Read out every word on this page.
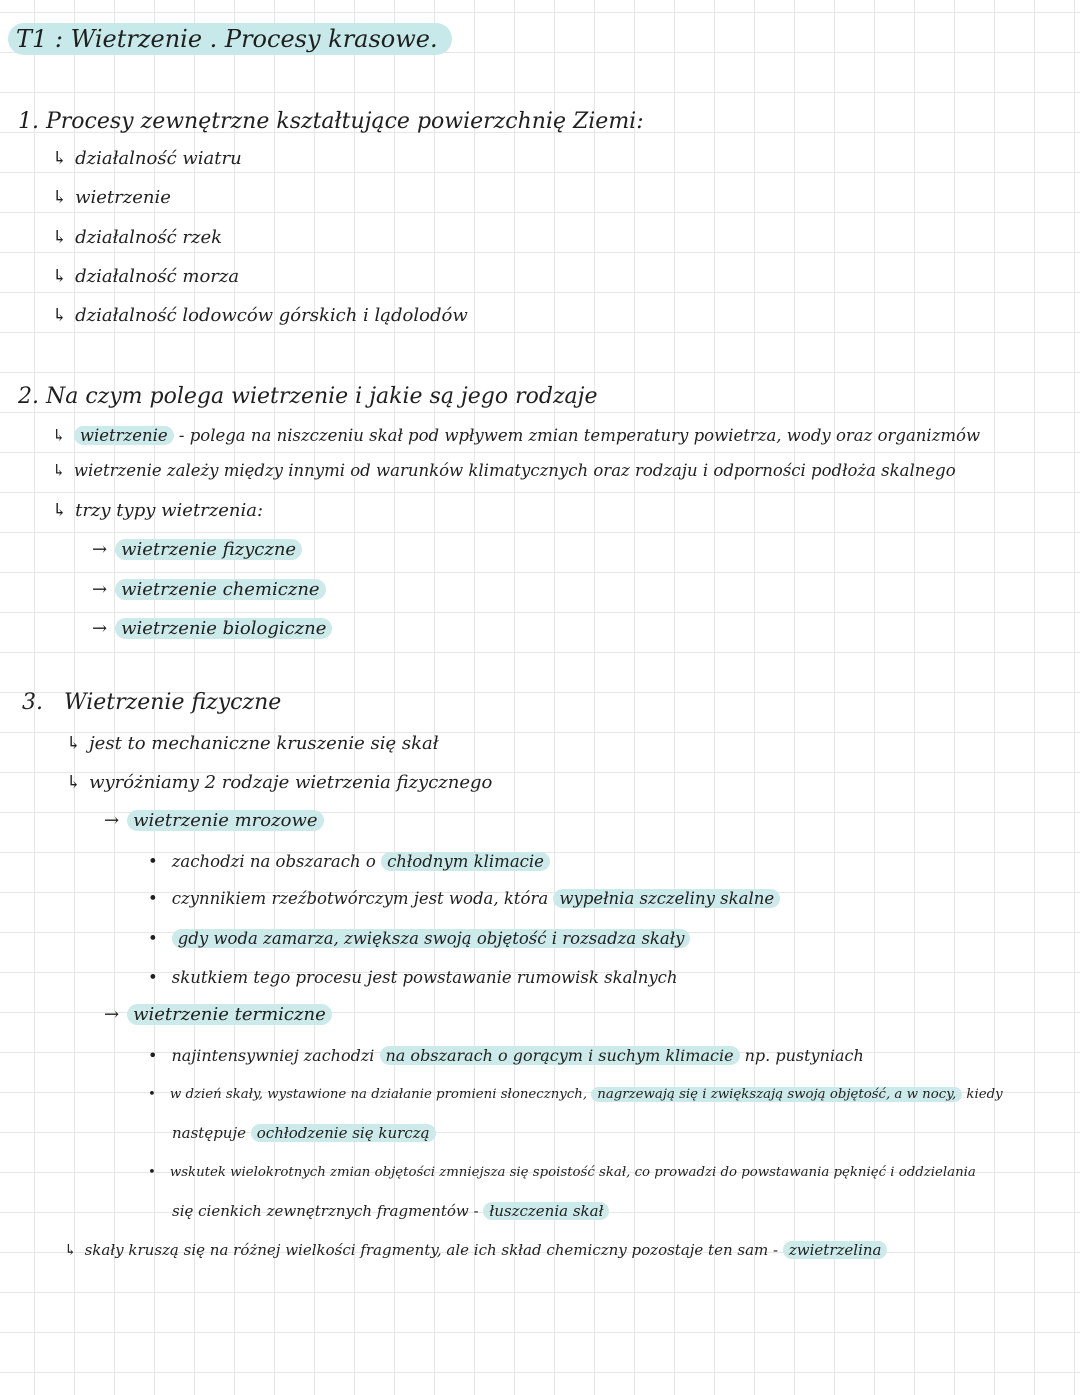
T1 : Wietrzenie . Procesy krasowe.
1. Procesy zewnętrzne kształtujące powierzchnię Ziemi:
↳ działalność wiatru
↳ wietrzenie
↳ działalność rzek
↳ działalność morza
↳ działalność lodowców górskich i lądolodów
2. Na czym polega wietrzenie i jakie są jego rodzaje
↳ wietrzenie - polega na niszczeniu skał pod wpływem zmian temperatury powietrza, wody oraz organizmów
↳ wietrzenie zależy między innymi od warunków klimatycznych oraz rodzaju i odporności podłoża skalnego
↳ trzy typy wietrzenia:
→ wietrzenie fizyczne
→ wietrzenie chemiczne
→ wietrzenie biologiczne
3. Wietrzenie fizyczne
↳ jest to mechaniczne kruszenie się skał
↳ wyróżniamy 2 rodzaje wietrzenia fizycznego
→ wietrzenie mrozowe
• zachodzi na obszarach o chłodnym klimacie
• czynnikiem rzeźbotwórczym jest woda, która wypełnia szczeliny skalne
• gdy woda zamarza, zwiększa swoją objętość i rozsadza skały
• skutkiem tego procesu jest powstawanie rumowisk skalnych
→ wietrzenie termiczne
• najintensywniej zachodzi na obszarach o gorącym i suchym klimacie np. pustyniach
• w dzień skały, wystawione na działanie promieni słonecznych, nagrzewają się i zwiększają swoją objętość, a w nocy, kiedy
następuje ochłodzenie się kurczą
• wskutek wielokrotnych zmian objętości zmniejsza się spoistość skał, co prowadzi do powstawania pęknięć i oddzielania
się cienkich zewnętrznych fragmentów - łuszczenia skał
↳ skały kruszą się na różnej wielkości fragmenty, ale ich skład chemiczny pozostaje ten sam - zwietrzelina
